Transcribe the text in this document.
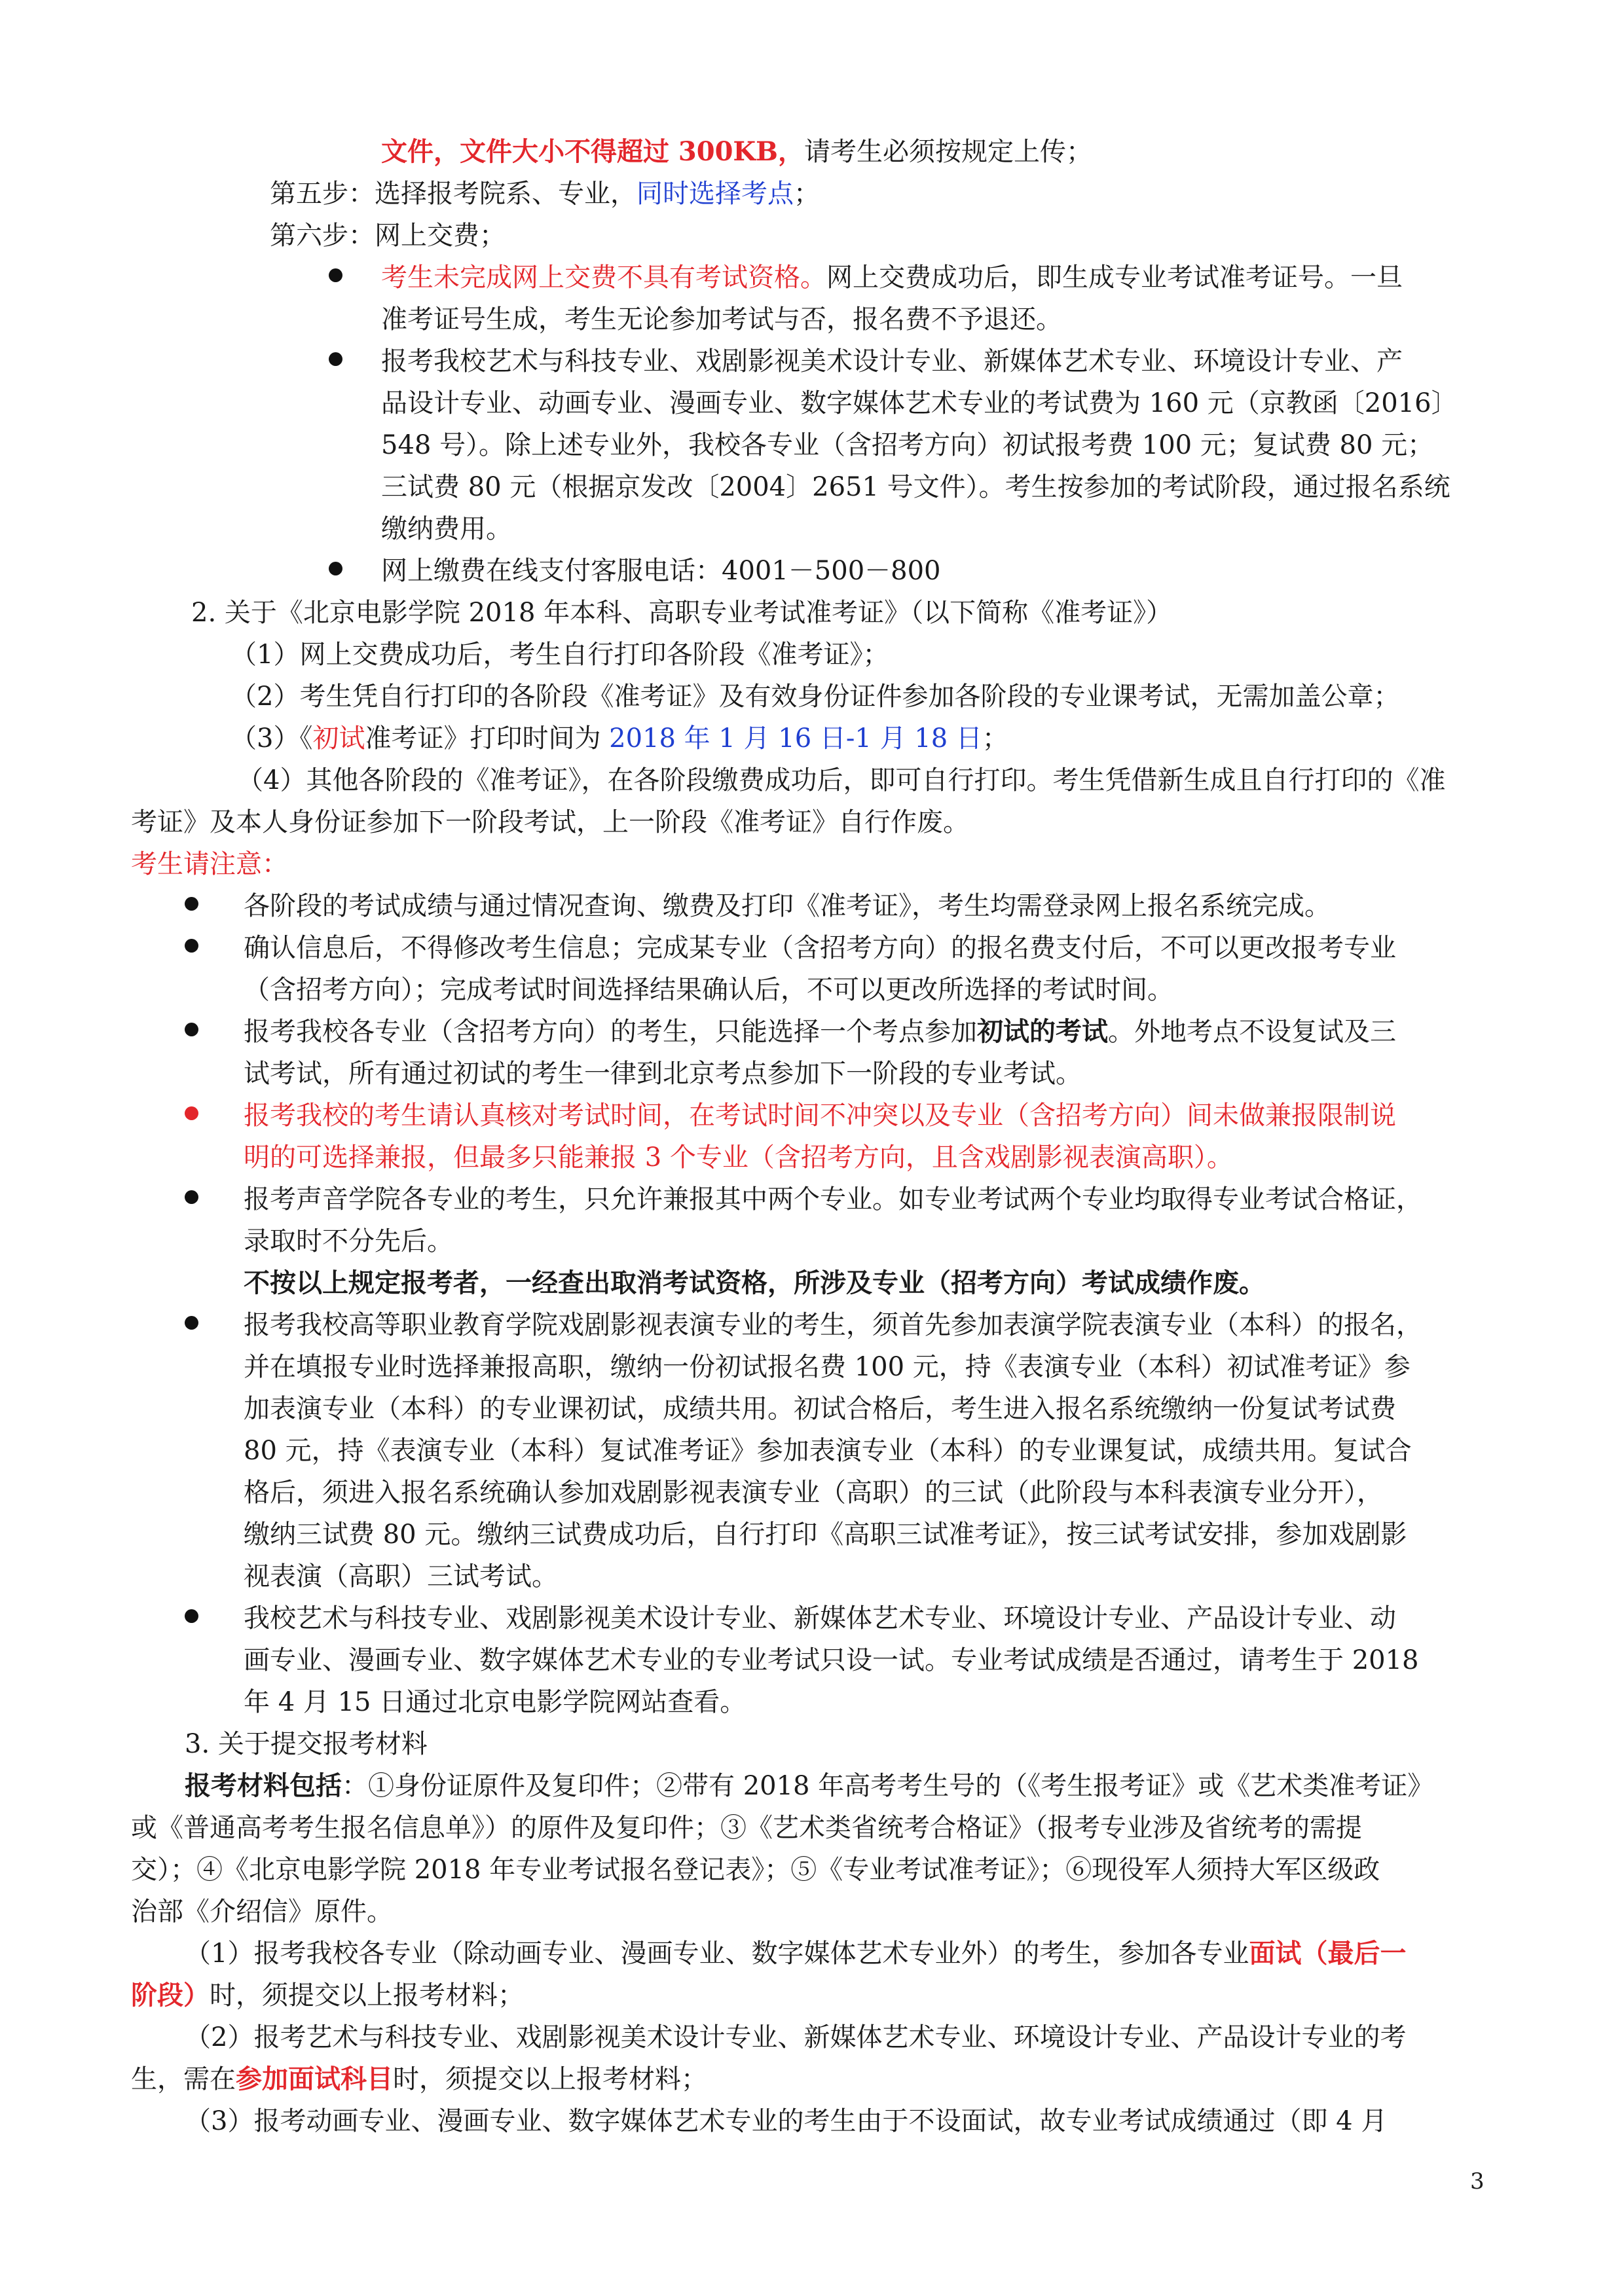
文件，文件大小不得超过 300KB，请考生必须按规定上传；
第五步：选择报考院系、专业，同时选择考点；
第六步：网上交费；
考生未完成网上交费不具有考试资格。网上交费成功后，即生成专业考试准考证号。一旦
准考证号生成，考生无论参加考试与否，报名费不予退还。
报考我校艺术与科技专业、戏剧影视美术设计专业、新媒体艺术专业、环境设计专业、产
品设计专业、动画专业、漫画专业、数字媒体艺术专业的考试费为 160 元（京教函〔2016〕
548 号）。除上述专业外，我校各专业（含招考方向）初试报考费 100 元；复试费 80 元；
三试费 80 元（根据京发改〔2004〕2651 号文件）。考生按参加的考试阶段，通过报名系统
缴纳费用。
网上缴费在线支付客服电话：4001－500－800
2. 关于《北京电影学院 2018 年本科、高职专业考试准考证》（以下简称《准考证》）
（1）网上交费成功后，考生自行打印各阶段《准考证》；
（2）考生凭自行打印的各阶段《准考证》及有效身份证件参加各阶段的专业课考试，无需加盖公章；
（3）《初试准考证》打印时间为 2018 年 1 月 16 日-1 月 18 日；
（4）其他各阶段的《准考证》，在各阶段缴费成功后，即可自行打印。考生凭借新生成且自行打印的《准
考证》及本人身份证参加下一阶段考试，上一阶段《准考证》自行作废。
考生请注意：
各阶段的考试成绩与通过情况查询、缴费及打印《准考证》，考生均需登录网上报名系统完成。
确认信息后，不得修改考生信息；完成某专业（含招考方向）的报名费支付后，不可以更改报考专业
（含招考方向）；完成考试时间选择结果确认后，不可以更改所选择的考试时间。
报考我校各专业（含招考方向）的考生，只能选择一个考点参加初试的考试。外地考点不设复试及三
试考试，所有通过初试的考生一律到北京考点参加下一阶段的专业考试。
报考我校的考生请认真核对考试时间，在考试时间不冲突以及专业（含招考方向）间未做兼报限制说
明的可选择兼报，但最多只能兼报 3 个专业（含招考方向，且含戏剧影视表演高职）。
报考声音学院各专业的考生，只允许兼报其中两个专业。如专业考试两个专业均取得专业考试合格证，
录取时不分先后。
不按以上规定报考者，一经查出取消考试资格，所涉及专业（招考方向）考试成绩作废。
报考我校高等职业教育学院戏剧影视表演专业的考生，须首先参加表演学院表演专业（本科）的报名，
并在填报专业时选择兼报高职，缴纳一份初试报名费 100 元，持《表演专业（本科）初试准考证》参
加表演专业（本科）的专业课初试，成绩共用。初试合格后，考生进入报名系统缴纳一份复试考试费
80 元，持《表演专业（本科）复试准考证》参加表演专业（本科）的专业课复试，成绩共用。复试合
格后，须进入报名系统确认参加戏剧影视表演专业（高职）的三试（此阶段与本科表演专业分开），
缴纳三试费 80 元。缴纳三试费成功后，自行打印《高职三试准考证》，按三试考试安排，参加戏剧影
视表演（高职）三试考试。
我校艺术与科技专业、戏剧影视美术设计专业、新媒体艺术专业、环境设计专业、产品设计专业、动
画专业、漫画专业、数字媒体艺术专业的专业考试只设一试。专业考试成绩是否通过，请考生于 2018
年 4 月 15 日通过北京电影学院网站查看。
3. 关于提交报考材料
报考材料包括：①身份证原件及复印件；②带有 2018 年高考考生号的（《考生报考证》或《艺术类准考证》
或《普通高考考生报名信息单》）的原件及复印件；③《艺术类省统考合格证》（报考专业涉及省统考的需提
交）；④《北京电影学院 2018 年专业考试报名登记表》；⑤《专业考试准考证》；⑥现役军人须持大军区级政
治部《介绍信》原件。
（1）报考我校各专业（除动画专业、漫画专业、数字媒体艺术专业外）的考生，参加各专业面试（最后一
阶段）时，须提交以上报考材料；
（2）报考艺术与科技专业、戏剧影视美术设计专业、新媒体艺术专业、环境设计专业、产品设计专业的考
生，需在参加面试科目时，须提交以上报考材料；
（3）报考动画专业、漫画专业、数字媒体艺术专业的考生由于不设面试，故专业考试成绩通过（即 4 月
3
